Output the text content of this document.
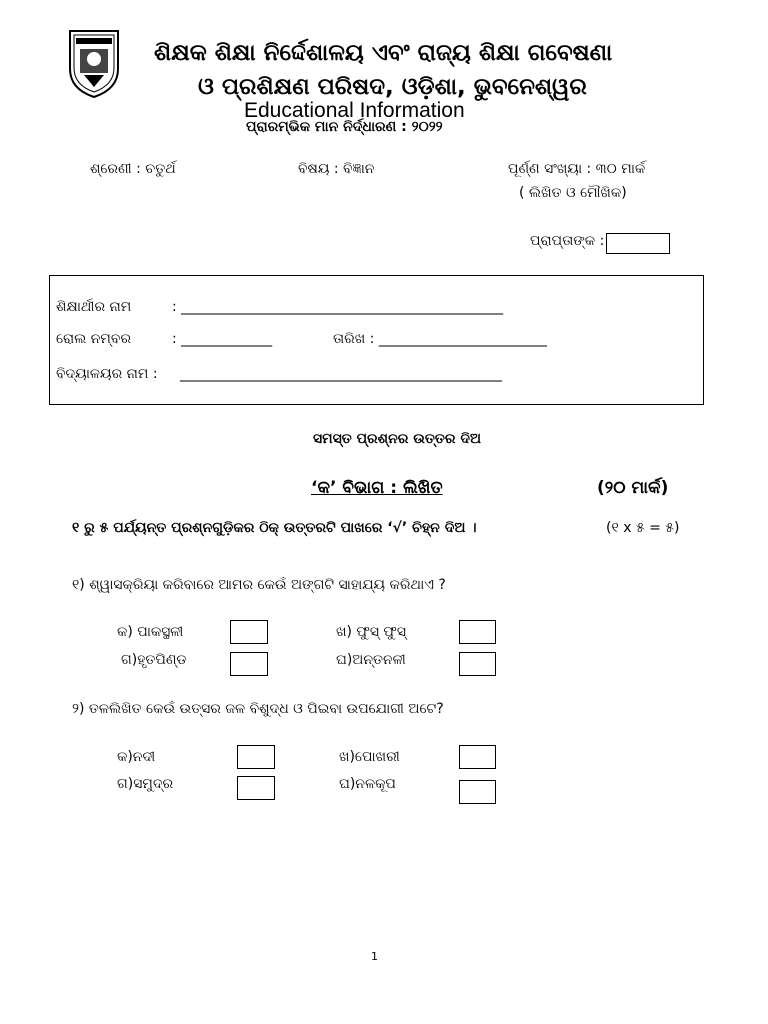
ଶିକ୍ଷକ ଶିକ୍ଷା ନିର୍ଦ୍ଦେଶାଳୟ ଏବଂ ରାଜ୍ୟ ଶିକ୍ଷା ଗବେଷଣା
ଓ ପ୍ରଶିକ୍ଷଣ ପରିଷଦ, ଓଡ଼ିଶା, ଭୁବନେଶ୍ୱର
Educational Information
ପ୍ରାରମ୍ଭିକ ମାନ ନିର୍ଦ୍ଧାରଣ : ୨୦୨୨
ଶ୍ରେଣୀ : ଚତୁର୍ଥ	ବିଷୟ : ବିଜ୍ଞାନ	ପୂର୍ଣ୍ଣ ସଂଖ୍ୟା : ୩୦ ମାର୍କ
( ଲିଖିତ ଓ ମୌଖିକ)
ପ୍ରାପ୍ତାଙ୍କ :
ଶିକ୍ଷାର୍ଥୀର ନାମ	: ______________________________________________
ରୋଲ ନମ୍ବର	: _____________	ତାରିଖ : ________________________
ବିଦ୍ୟାଳୟର ନାମ : ______________________________________________
ସମସ୍ତ ପ୍ରଶ୍ନର ଉତ୍ତର ଦିଅ
‘କ’ ବିଭାଗ : ଲିଖିତ	(୨୦ ମାର୍କ)
୧ ରୁ ୫ ପର୍ଯ୍ୟନ୍ତ ପ୍ରଶ୍ନଗୁଡ଼ିକର ଠିକ୍ ଉତ୍ତରଟି ପାଖରେ ‘√’ ଚିହ୍ନ ଦିଅ ।	(୧ x ୫ = ୫)
୧) ଶ୍ୱାସକ୍ରିୟା କରିବାରେ ଆମର କେଉଁ ଅଙ୍ଗଟି ସାହାଯ୍ୟ କରିଥାଏ ?
କ) ପାକସ୍ଥଳୀ	ଖ) ଫୁସ୍ ଫୁସ୍
ଗ)ହୃତପିଣ୍ଡ	ଘ)ଅନ୍ତନଳୀ
୨) ତଳଲିଖିତ କେଉଁ ଉତ୍ସର ଜଳ ବିଶୁଦ୍ଧ ଓ ପିଇବା ଉପଯୋଗୀ ଅଟେ?
କ)ନଦୀ	ଖ)ପୋଖରୀ
ଗ)ସମୁଦ୍ର	ଘ)ନଳକୂପ
1
